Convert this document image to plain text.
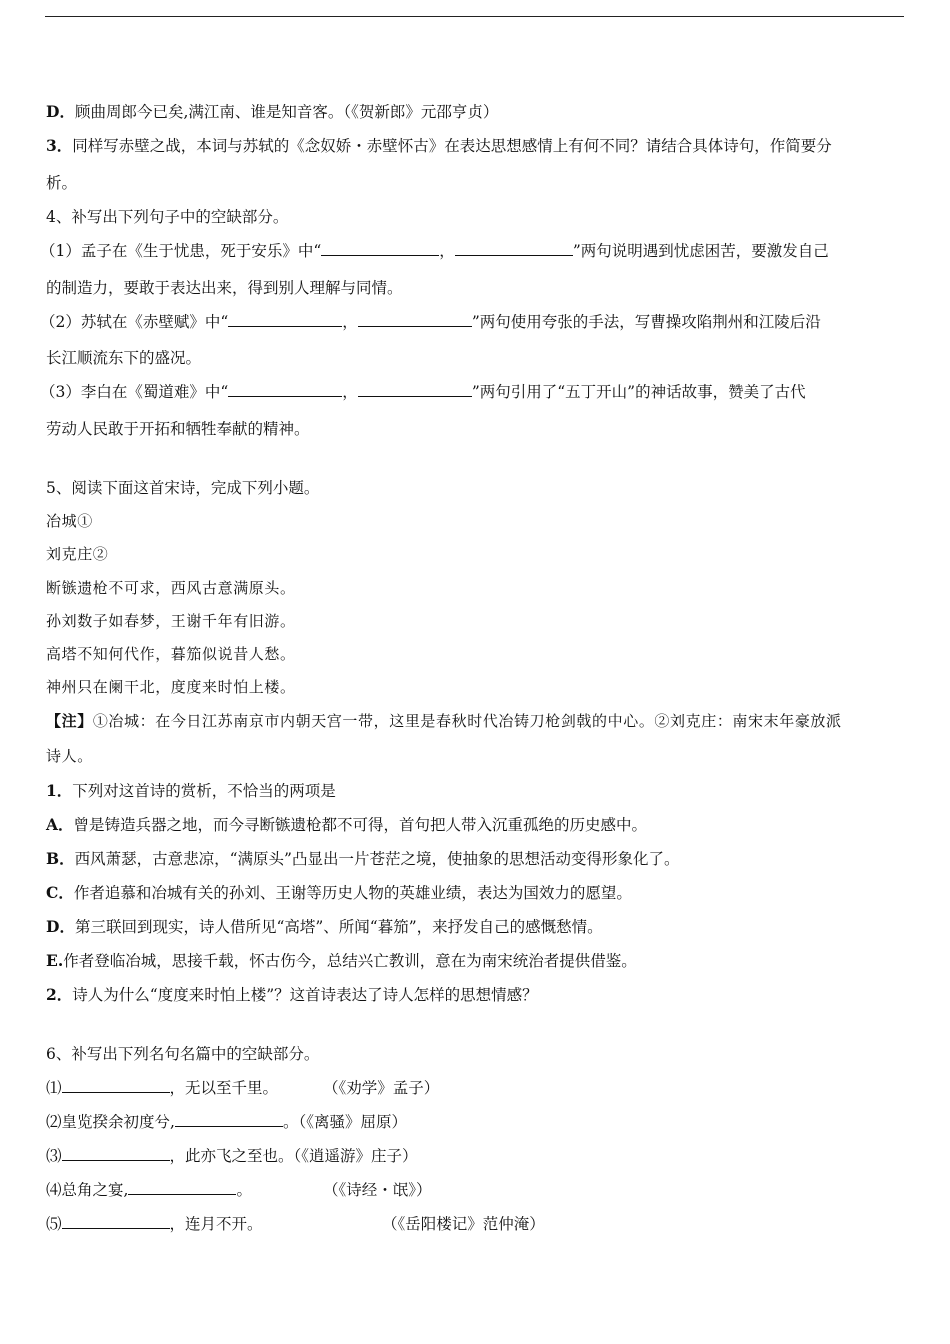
D．顾曲周郎今已矣,满江南、谁是知音客。（《贺新郎》元邵亨贞）
3．同样写赤壁之战，本词与苏轼的《念奴娇・赤壁怀古》在表达思想感情上有何不同？请结合具体诗句，作简要分
析。
4、补写出下列句子中的空缺部分。
（1）孟子在《生于忧患，死于安乐》中“	，	”两句说明遇到忧虑困苦，要激发自己
的制造力，要敢于表达出来，得到别人理解与同情。
（2）苏轼在《赤壁赋》中“	，	”两句使用夸张的手法，写曹操攻陷荆州和江陵后沿
长江顺流东下的盛况。
（3）李白在《蜀道难》中“	，	”两句引用了“五丁开山”的神话故事，赞美了古代
劳动人民敢于开拓和牺牲奉献的精神。
5、阅读下面这首宋诗，完成下列小题。
冶城①
刘克庄②
断镞遗枪不可求，西风古意满原头。
孙刘数子如春梦，王谢千年有旧游。
高塔不知何代作，暮笳似说昔人愁。
神州只在阑干北，度度来时怕上楼。
【注】①冶城：在今日江苏南京市内朝天宫一带，这里是春秋时代冶铸刀枪剑戟的中心。②刘克庄：南宋末年豪放派
诗人。
1．下列对这首诗的赏析，不恰当的两项是
A．曾是铸造兵器之地，而今寻断镞遗枪都不可得，首句把人带入沉重孤绝的历史感中。
B．西风萧瑟，古意悲凉，“满原头”凸显出一片苍茫之境，使抽象的思想活动变得形象化了。
C．作者追慕和冶城有关的孙刘、王谢等历史人物的英雄业绩，表达为国效力的愿望。
D．第三联回到现实，诗人借所见“高塔”、所闻“暮笳”，来抒发自己的感慨愁情。
E.作者登临冶城，思接千载，怀古伤今，总结兴亡教训，意在为南宋统治者提供借鉴。
2．诗人为什么“度度来时怕上楼”？这首诗表达了诗人怎样的思想情感？
6、补写出下列名句名篇中的空缺部分。
⑴	，无以至千里。	（《劝学》孟子）
⑵皇览揆余初度兮,	。（《离骚》屈原）
⑶	，此亦飞之至也。（《逍遥游》庄子）
⑷总角之宴,	。	（《诗经・氓》）
⑸	，连月不开。	（《岳阳楼记》范仲淹）
